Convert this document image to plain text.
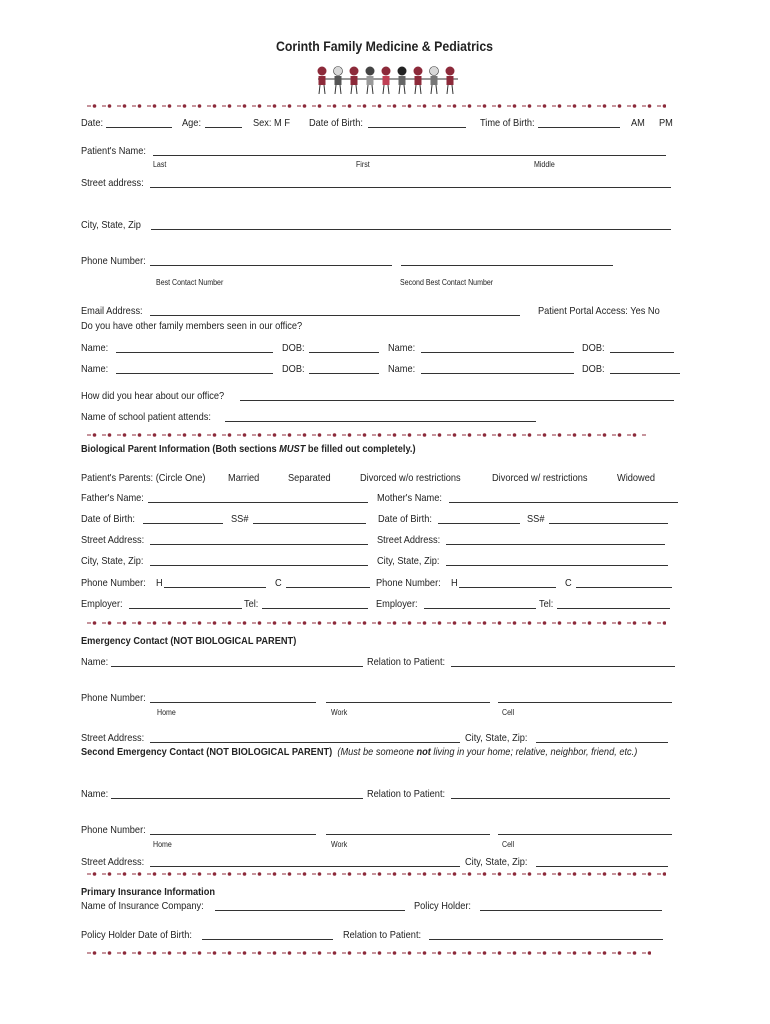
Corinth Family Medicine & Pediatrics
Date:	Age:	Sex: M F Date of Birth:	Time of Birth:	AM PM
Patient's Name:
Last	First	Middle
Street address:
City, State, Zip
Phone Number:
Best Contact Number	Second Best Contact Number
Email Address:	Patient Portal Access: Yes No
Do you have other family members seen in our office?
Name:	DOB:	Name:	DOB:
Name:	DOB:	Name:	DOB:
How did you hear about our office?
Name of school patient attends:
Biological Parent Information (Both sections MUST be filled out completely.)
Patient's Parents: (Circle One) Married	Separated	Divorced w/o restrictions	Divorced w/ restrictions	Widowed
Father's Name:	Mother's Name:
Date of Birth:	SS#	Date of Birth:	SS#
Street Address:	Street Address:
City, State, Zip:	City, State, Zip:
Phone Number: H	C	Phone Number: H	C
Employer:	Tel:	Employer:	Tel:
Emergency Contact (NOT BIOLOGICAL PARENT)
Name:	Relation to Patient:
Phone Number:
Home	Work	Cell
Street Address:	City, State, Zip:
Second Emergency Contact (NOT BIOLOGICAL PARENT) (Must be someone not living in your home; relative, neighbor, friend, etc.)
Name:	Relation to Patient:
Phone Number:
Home	Work	Cell
Street Address:	City, State, Zip:
Primary Insurance Information
Name of Insurance Company:	Policy Holder:
Policy Holder Date of Birth:	Relation to Patient:
